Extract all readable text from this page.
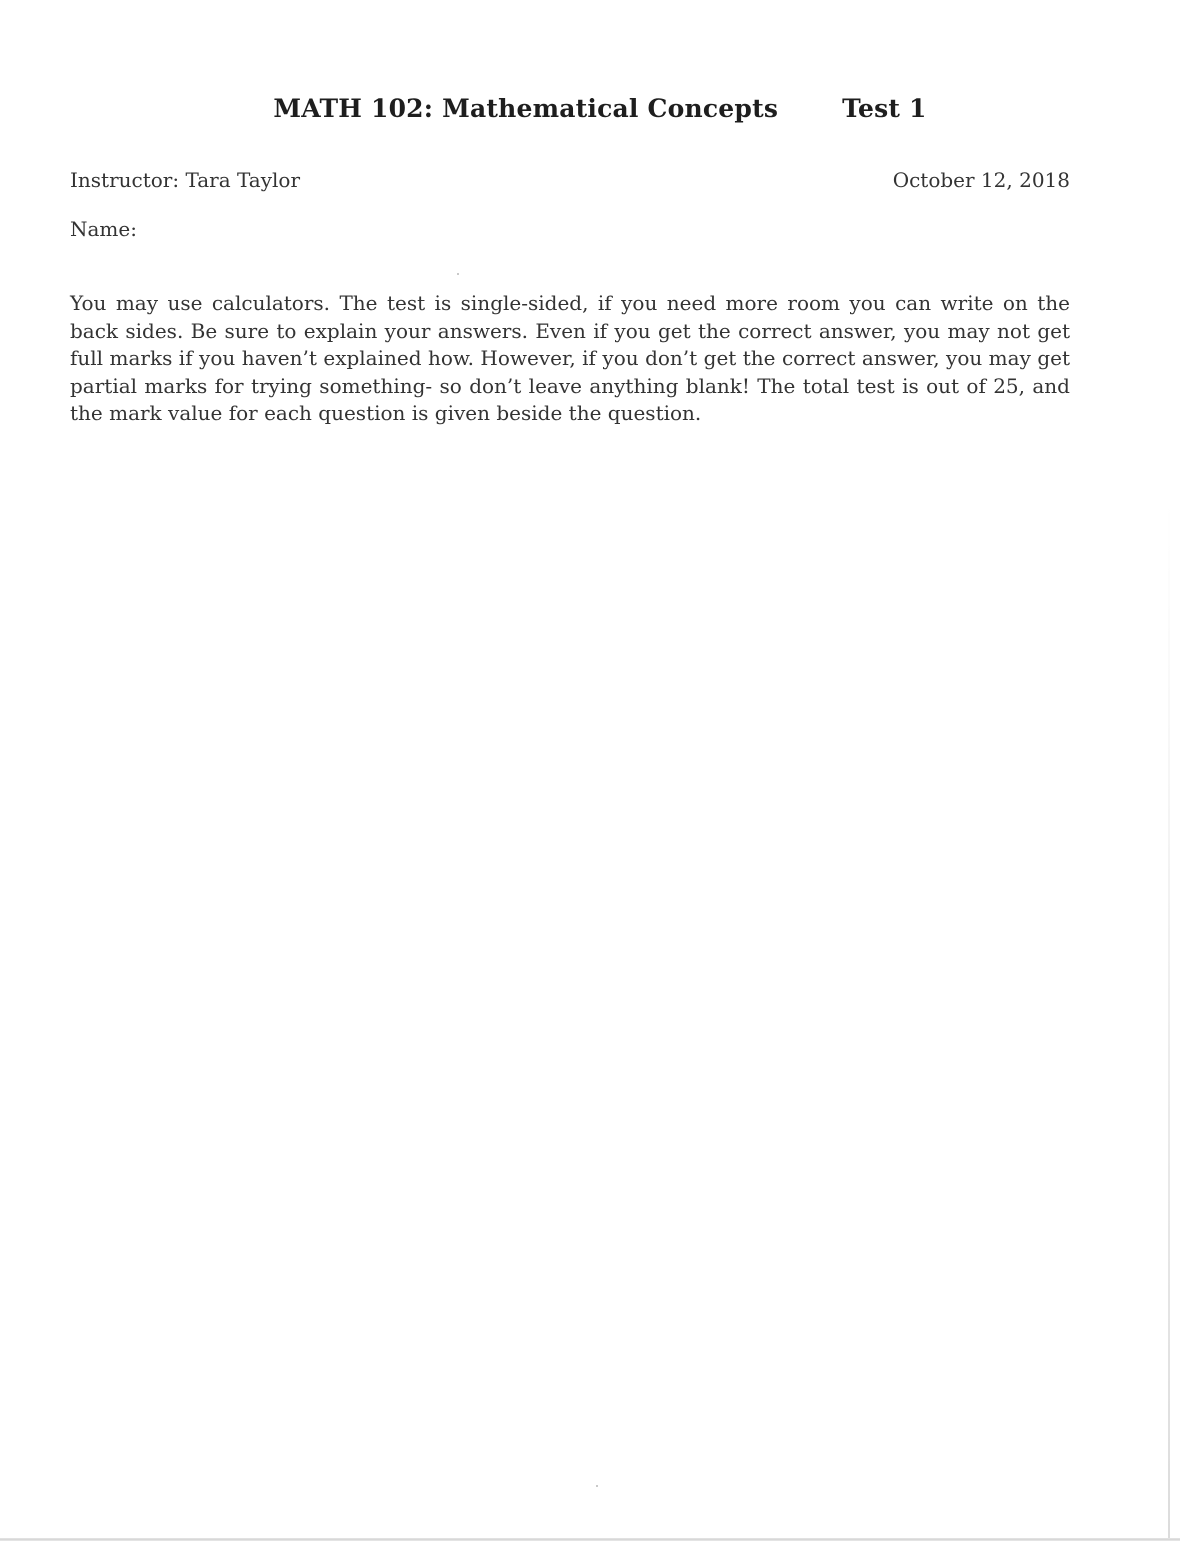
MATH 102: Mathematical Concepts	Test 1
Instructor: Tara Taylor	October 12, 2018
Name:

You may use calculators. The test is single-sided, if you need more room you can write on the back sides. Be sure to explain your answers. Even if you get the correct answer, you may not get full marks if you haven’t explained how. However, if you don’t get the correct answer, you may get partial marks for trying something- so don’t leave anything blank! The total test is out of 25, and the mark value for each question is given beside the question.
